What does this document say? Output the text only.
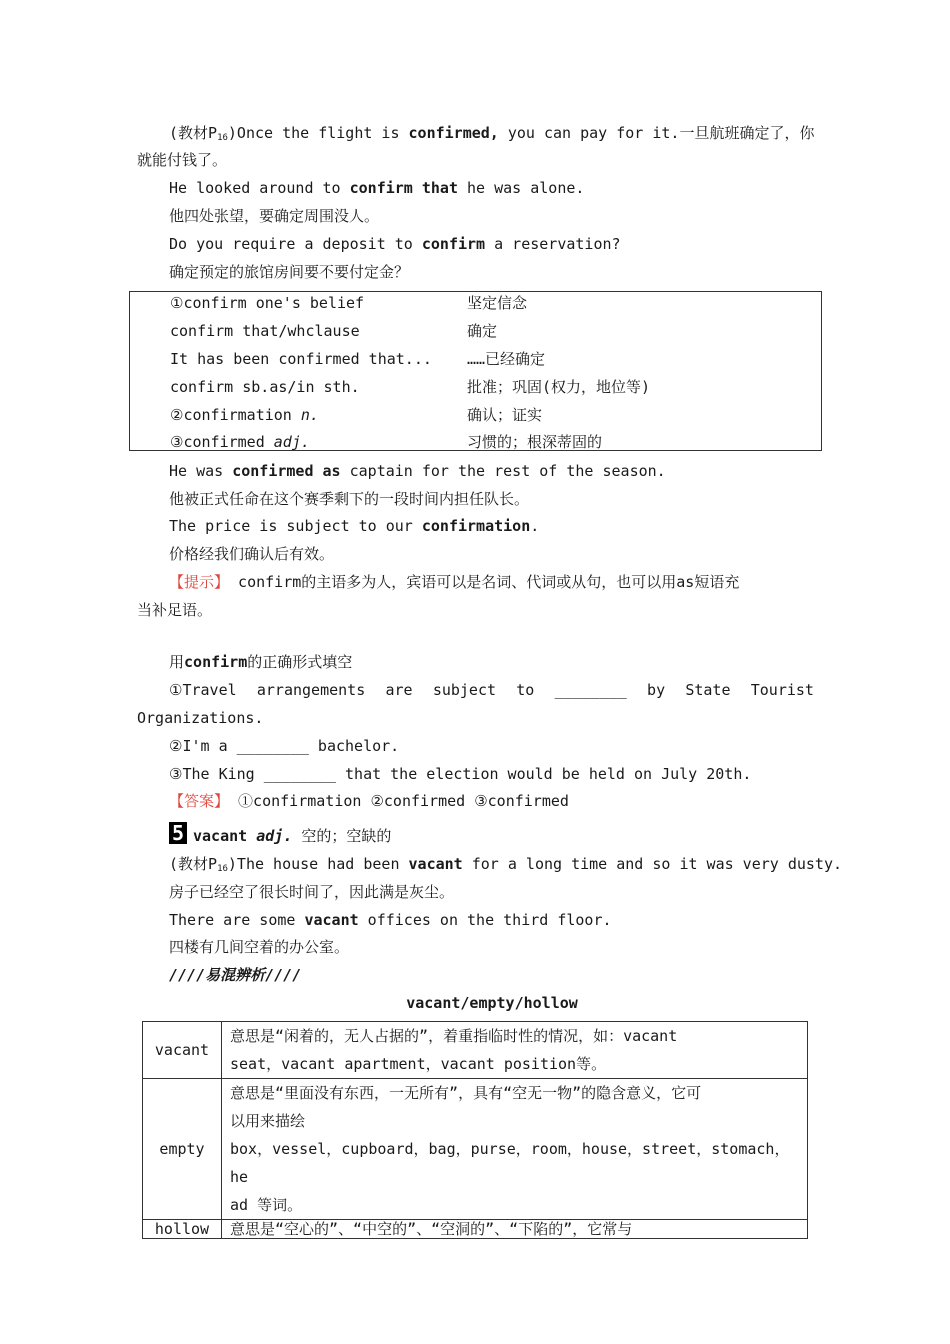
(教材$P_{16})Once$ the flight is confirmed, you can pay for it.一旦航班确定了，你
就能付钱了。
He looked around to confirm that he was alone.
他四处张望，要确定周围没人。
Do you require a deposit to confirm a reservation?
确定预定的旅馆房间要不要付定金？
①confirm one's belief	坚定信念
confirm that/whclause	确定
It has been confirmed that... ……已经确定
confirm sb.as/in sth.	批准；巩固(权力，地位等)
②confirmation n.	确认；证实
③confirmed adj.	习惯的；根深蒂固的
He was confirmed as captain for the rest of the season.
他被正式任命在这个赛季剩下的一段时间内担任队长。
The price is subject to our confirmation.
价格经我们确认后有效。
【提示】 confirm的主语多为人，宾语可以是名词、代词或从句，也可以用as短语充
当补足语。
用confirm的正确形式填空
①Travel arrangements are subject to ________ by State Tourist
Organizations.
②I'm a ________ bachelor.
③The King ________ that the election would be held on July 20th.
【答案】 ①confirmation ②confirmed ③confirmed
5 vacant adj. 空的；空缺的
(教材$P_{16})The$ house had been vacant for a long time and so it was very dusty.
房子已经空了很长时间了，因此满是灰尘。
There are some vacant offices on the third floor.
四楼有几间空着的办公室。
////易混辨析////
vacant/empty/hollow
vacant	意思是“闲着的，无人占据的”，着重指临时性的情况，如：vacant
seat，vacant apartment，vacant position等。

empty	意思是“里面没有东西，一无所有”，具有“空无一物”的隐含意义，它可
以用来描绘
box，vessel，cupboard，bag，purse，room，house，street，stomach，he
ad 等词。

hollow	意思是“空心的”、“中空的”、“空洞的”、“下陷的”，它常与
